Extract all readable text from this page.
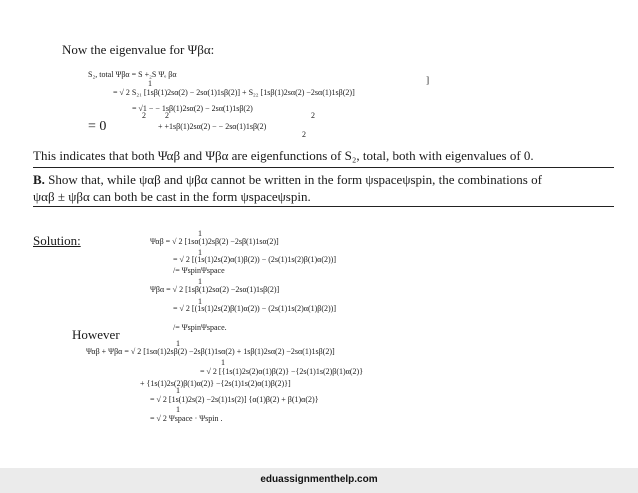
Now the eigenvalue for Ψβα:
S₂, total Ψβα = S +₂S Ψₑ βα
]
1
= √ 2 S₂₁ [1sβ(1)2sα(2) − 2sα(1)1sβ(2)] + S₂₂ [1sβ(1)2sα(2) −2sα(1)1sβ(2)]
= √1 − − 1sβ(1)2sα(2) − 2sα(1)1sβ(2)
2 2	2
= 0	+ +1sβ(1)2sα(2) − − 2sα(1)1sβ(2)
2
This indicates that both Ψαβ and Ψβα are eigenfunctions of S₂, total, both with eigenvalues of 0.
B. Show that, while ψαβ and ψβα cannot be written in the form ψspaceψspin, the combinations of
ψαβ ± ψβα can both be cast in the form ψspaceψspin.
Solution:	1
Ψαβ = √ 2 [1sα(1)2sβ(2) −2sβ(1)1sα(2)]
1
= √ 2 [(1s(1)2s(2)α(1)β(2)) − (2s(1)1s(2)β(1)α(2))]
/= ΨspinΨspace
1
Ψβα = √ 2 [1sβ(1)2sα(2) −2sα(1)1sβ(2)]
1
= √ 2 [(1s(1)2s(2)β(1)α(2)) − (2s(1)1s(2)α(1)β(2))]
/= ΨspinΨspace.
However
1
Ψαβ + Ψβα = √ 2 [1sα(1)2sβ(2) −2sβ(1)1sα(2) + 1sβ(1)2sα(2) −2sα(1)1sβ(2)]
1
= √ 2 [{1s(1)2s(2)α(1)β(2)} −{2s(1)1s(2)β(1)α(2)}
+ {1s(1)2s(2)β(1)α(2)} −{2s(1)1s(2)α(1)β(2)}]
1
= √ 2 [1s(1)2s(2) −2s(1)1s(2)] {α(1)β(2) + β(1)α(2)}
1
= √ 2 Ψspace · Ψspin .
eduassignmenthelp.com
